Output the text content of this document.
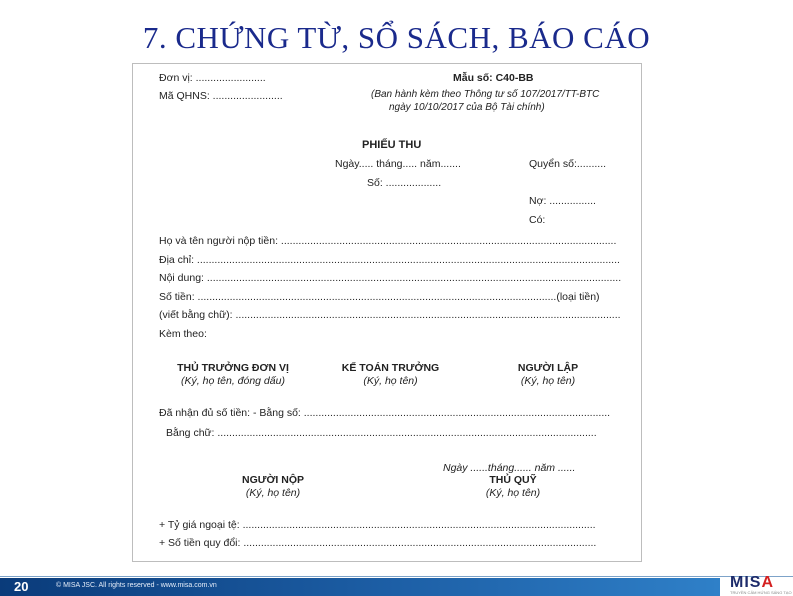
7. CHỨNG TỪ, SỔ SÁCH, BÁO CÁO
Đơn vị: ........................
Mã QHNS: ........................
Mẫu số: C40-BB
(Ban hành kèm theo Thông tư số 107/2017/TT-BTC
ngày 10/10/2017 của Bộ Tài chính)
PHIẾU THU
Ngày..... tháng..... năm.......	Quyển số:..........
Số: ...................
Nợ: ................
Có:
Họ và tên người nộp tiền: ...................................................................................................................
Địa chỉ: .................................................................................................................................................
Nội dung: ..............................................................................................................................................
Số tiền: ...........................................................................................................................(loại tiền)
(viết bằng chữ): ....................................................................................................................................
Kèm theo:
THỦ TRƯỞNG ĐƠN VỊ
(Ký, họ tên, đóng dấu)
KẾ TOÁN TRƯỞNG
(Ký, họ tên)
NGƯỜI LẬP
(Ký, họ tên)
Đã nhận đủ số tiền: - Bằng số: .........................................................................................................
Bằng chữ: ..................................................................................................................................
Ngày ......tháng...... năm ......
NGƯỜI NỘP
(Ký, họ tên)
THỦ QUỸ
(Ký, họ tên)
+ Tỷ giá ngoại tệ: .........................................................................................................................
+ Số tiền quy đổi: .........................................................................................................................
20	© MISA JSC. All rights reserved - www.misa.com.vn	MISA
TRUYỀN CẢM HỨNG SÁNG TẠO
